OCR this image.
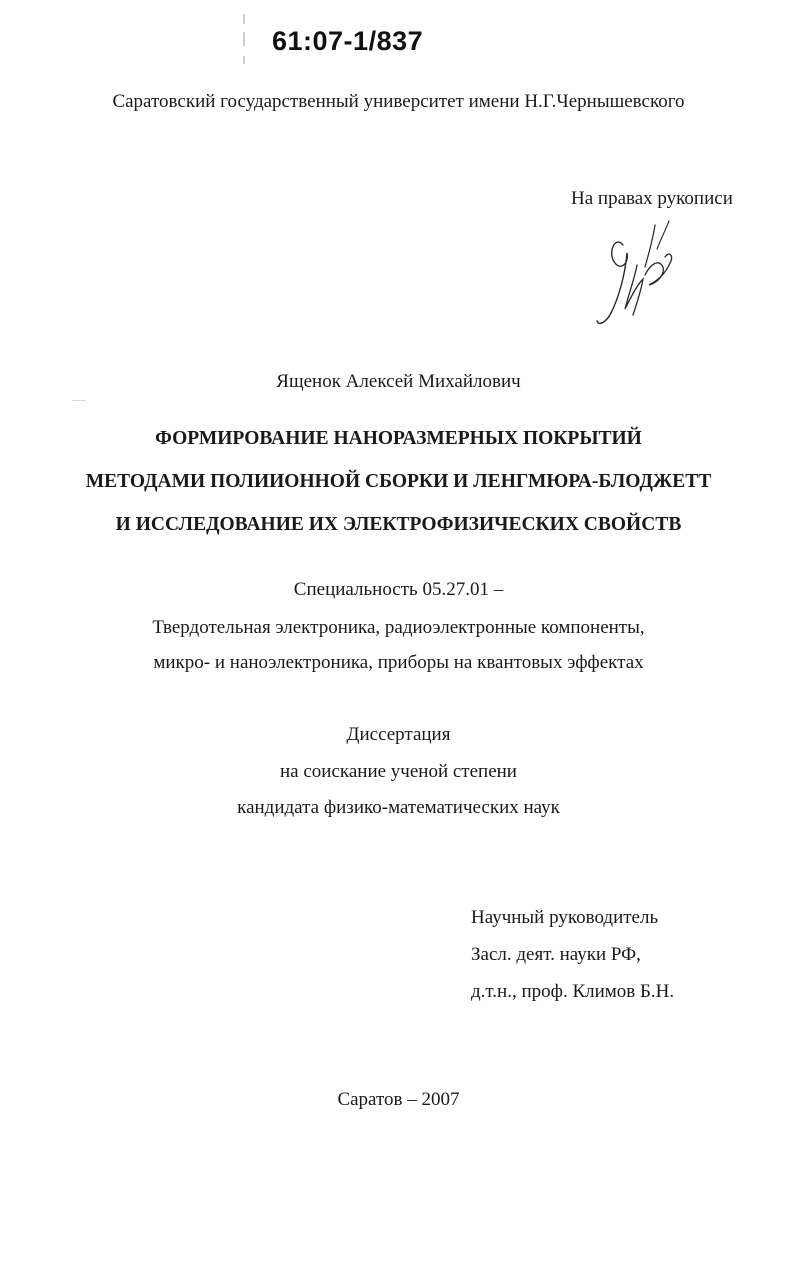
61:07-1/837
Саратовский государственный университет имени Н.Г.Чернышевского
На правах рукописи
Ященок Алексей Михайлович
ФОРМИРОВАНИЕ НАНОРАЗМЕРНЫХ ПОКРЫТИЙ
МЕТОДАМИ ПОЛИИОННОЙ СБОРКИ И ЛЕНГМЮРА-БЛОДЖЕТТ
И ИССЛЕДОВАНИЕ ИХ ЭЛЕКТРОФИЗИЧЕСКИХ СВОЙСТВ
Специальность 05.27.01 –
Твердотельная электроника, радиоэлектронные компоненты,
микро- и наноэлектроника, приборы на квантовых эффектах
Диссертация
на соискание ученой степени
кандидата физико-математических наук
Научный руководитель
Засл. деят. науки РФ,
д.т.н., проф. Климов Б.Н.
Саратов – 2007
